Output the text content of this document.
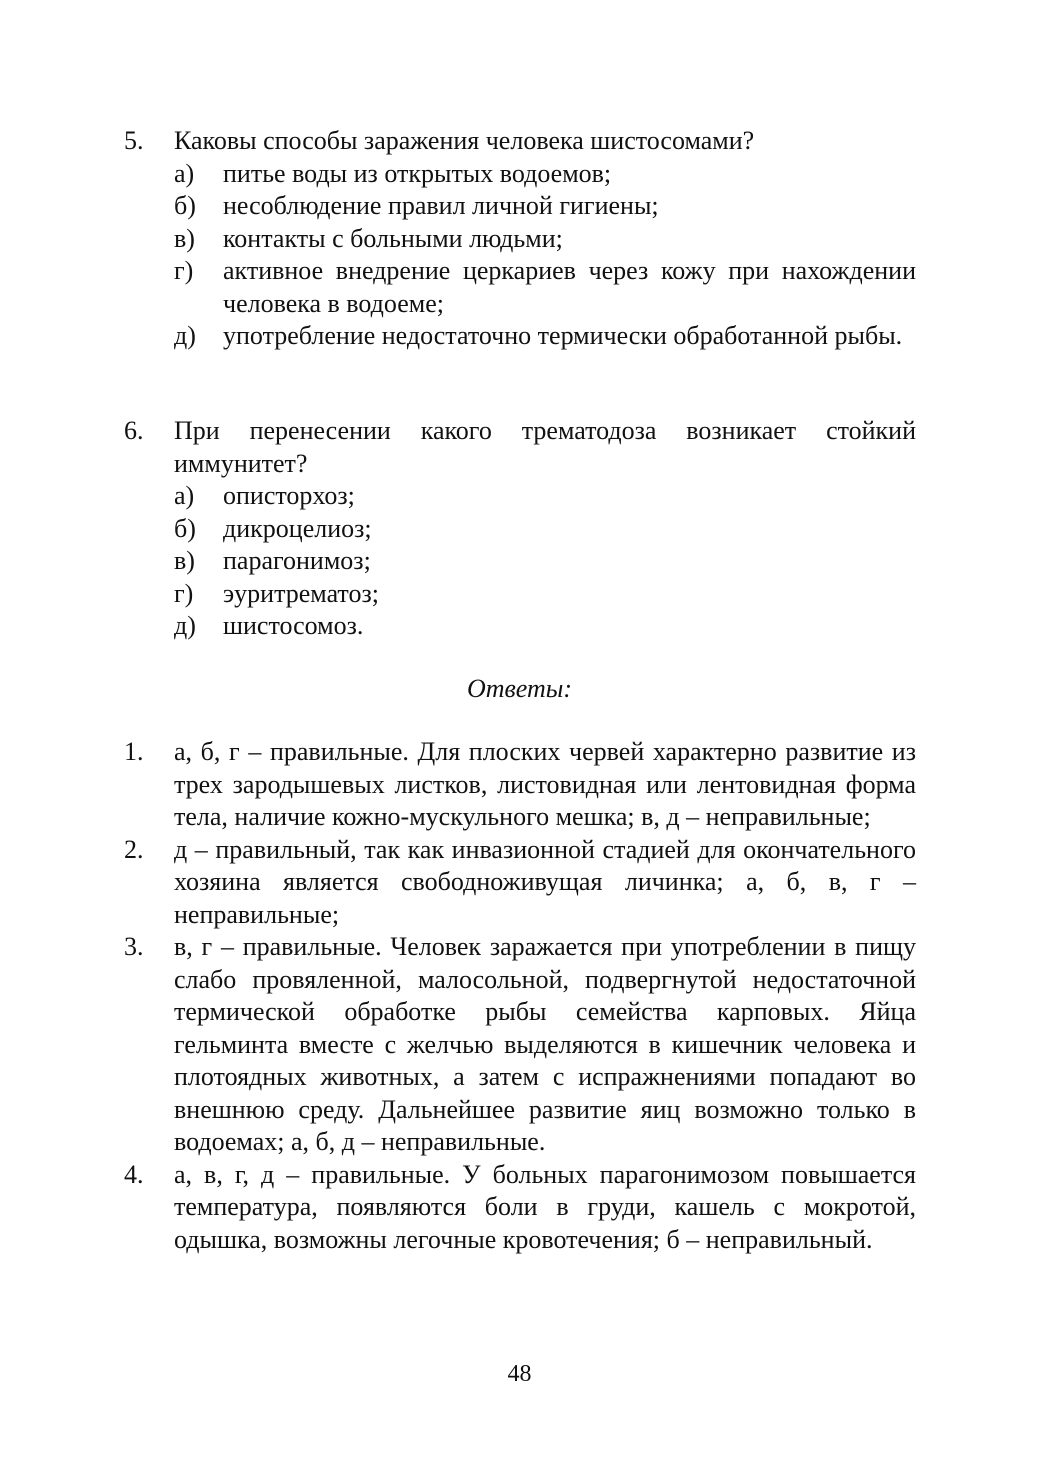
5.	Каковы способы заражения человека шистосомами?
а)	питье воды из открытых водоемов;
б)	несоблюдение правил личной гигиены;
в)	контакты с больными людьми;
г)	активное внедрение церкариев через кожу при нахождении человека в водоеме;
д)	употребление недостаточно термически обработанной рыбы.
6.	При перенесении какого трематодоза возникает стойкий иммунитет?
а)	описторхоз;
б)	дикроцелиоз;
в)	парагонимоз;
г)	эуритрематоз;
д)	шистосомоз.
Ответы:
1.	а, б, г – правильные. Для плоских червей характерно развитие из трех зародышевых листков, листовидная или лентовидная форма тела, наличие кожно-мускульного мешка; в, д – неправильные;
2.	д – правильный, так как инвазионной стадией для окончательного хозяина является свободноживущая личинка; а, б, в, г – неправильные;
3.	в, г – правильные. Человек заражается при употреблении в пищу слабо провяленной, малосольной, подвергнутой недостаточной термической обработке рыбы семейства карповых. Яйца гельминта вместе с желчью выделяются в кишечник человека и плотоядных животных, а затем с испражнениями попадают во внешнюю среду. Дальнейшее развитие яиц возможно только в водоемах; а, б, д – неправильные.
4.	а, в, г, д – правильные. У больных парагонимозом повышается температура, появляются боли в груди, кашель с мокротой, одышка, возможны легочные кровотечения; б – неправильный.
48
